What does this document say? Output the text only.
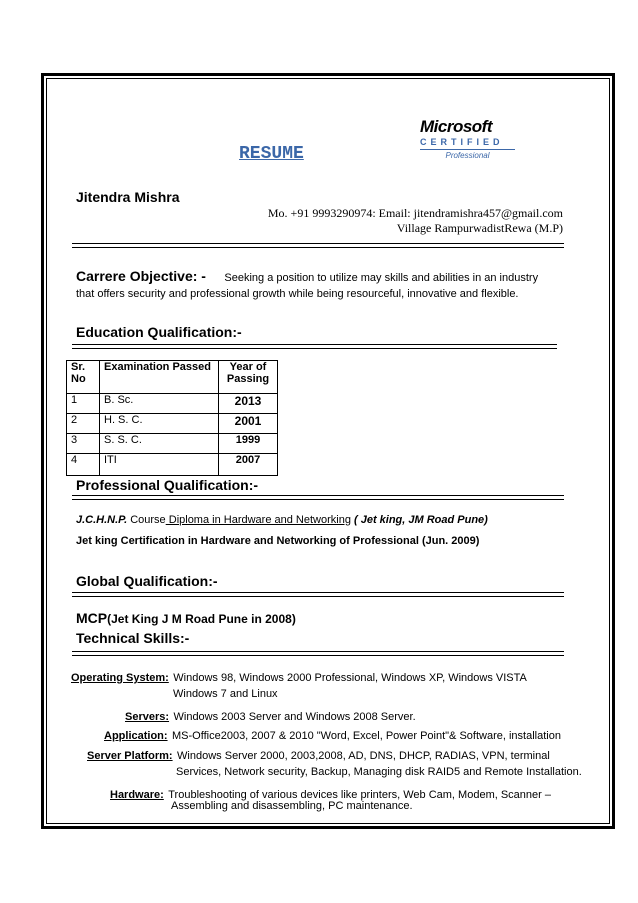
RESUME
Microsoft
CERTIFIED
Professional
Jitendra Mishra
Mo. +91 9993290974: Email: jitendramishra457@gmail.com
Village RampurwadistRewa (M.P)
Carrere Objective: - Seeking a position to utilize may skills and abilities in an industry
that offers security and professional growth while being resourceful, innovative and flexible.
Education Qualification:-
Sr.
No	Examination Passed	Year of
Passing
1	B. Sc.	2013
2	H. S. C.	2001
3	S. S. C.	1999
4	ITI	2007
Professional Qualification:-
J.C.H.N.P. Course Diploma in Hardware and Networking ( Jet king, JM Road Pune)
Jet king Certification in Hardware and Networking of Professional (Jun. 2009)
Global Qualification:-
MCP(Jet King J M Road Pune in 2008)
Technical Skills:-
Operating System: Windows 98, Windows 2000 Professional, Windows XP, Windows VISTA
Windows 7 and Linux
Servers: Windows 2003 Server and Windows 2008 Server.
Application: MS-Office2003, 2007 & 2010 "Word, Excel, Power Point"& Software, installation
Server Platform: Windows Server 2000, 2003,2008, AD, DNS, DHCP, RADIAS, VPN, terminal
Services, Network security, Backup, Managing disk RAID5 and Remote Installation.
Hardware: Troubleshooting of various devices like printers, Web Cam, Modem, Scanner –
Assembling and disassembling, PC maintenance.
